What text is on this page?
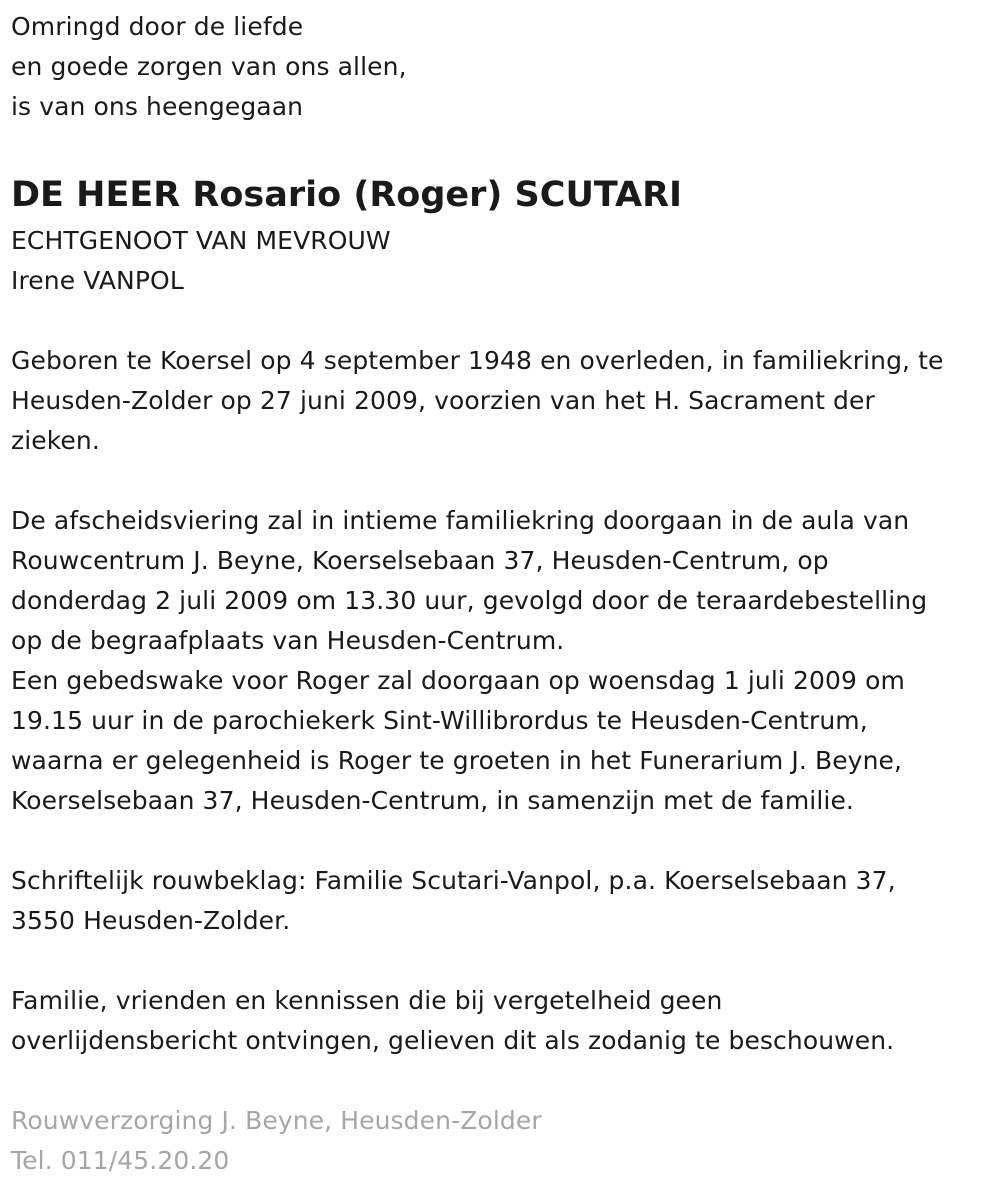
Omringd door de liefde
en goede zorgen van ons allen,
is van ons heengegaan
DE HEER Rosario (Roger) SCUTARI
ECHTGENOOT VAN MEVROUW
Irene VANPOL
Geboren te Koersel op 4 september 1948 en overleden, in familiekring, te
Heusden-Zolder op 27 juni 2009, voorzien van het H. Sacrament der
zieken.
De afscheidsviering zal in intieme familiekring doorgaan in de aula van
Rouwcentrum J. Beyne, Koerselsebaan 37, Heusden-Centrum, op
donderdag 2 juli 2009 om 13.30 uur, gevolgd door de teraardebestelling
op de begraafplaats van Heusden-Centrum.
Een gebedswake voor Roger zal doorgaan op woensdag 1 juli 2009 om
19.15 uur in de parochiekerk Sint-Willibrordus te Heusden-Centrum,
waarna er gelegenheid is Roger te groeten in het Funerarium J. Beyne,
Koerselsebaan 37, Heusden-Centrum, in samenzijn met de familie.
Schriftelijk rouwbeklag: Familie Scutari-Vanpol, p.a. Koerselsebaan 37,
3550 Heusden-Zolder.
Familie, vrienden en kennissen die bij vergetelheid geen
overlijdensbericht ontvingen, gelieven dit als zodanig te beschouwen.
Rouwverzorging J. Beyne, Heusden-Zolder
Tel. 011/45.20.20
